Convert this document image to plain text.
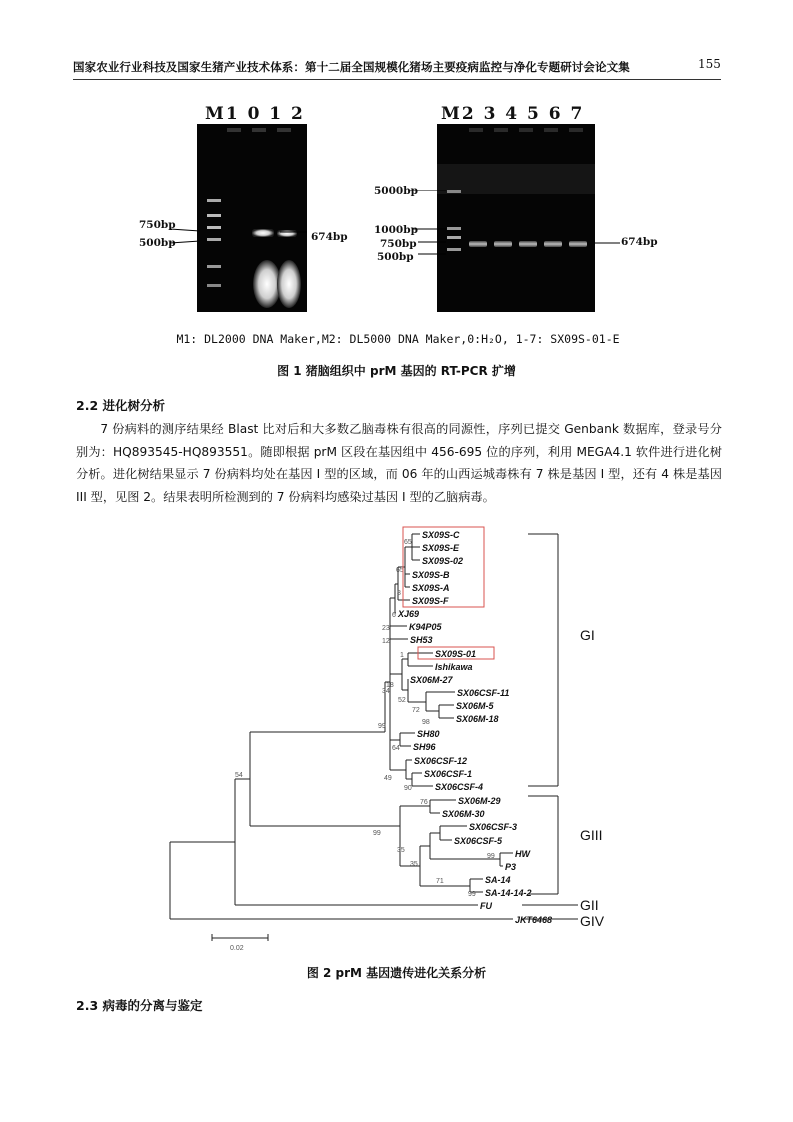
国家农业行业科技及国家生猪产业技术体系：第十二届全国规模化猪场主要疫病监控与净化专题研讨会论文集	155
M1 0 1 2
750bp
500bp	674bp
M2 3 4 5 6 7
5000bp
1000bp
750bp
500bp
674bp
M1: DL2000 DNA Maker,M2: DL5000 DNA Maker,0:H₂O, 1-7: SX09S-01-E
图 1 猪脑组织中 prM 基因的 RT-PCR 扩增
2.2 进化树分析

7 份病料的测序结果经 Blast 比对后和大多数乙脑毒株有很高的同源性，序列已提交 Genbank 数据库，登录号分别为：HQ893545-HQ893551。随即根据 prM 区段在基因组中 456-695 位的序列，利用 MEGA4.1 软件进行进化树分析。进化树结果显示 7 份病料均处在基因 I 型的区域，而 06 年的山西运城毒株有 7 株是基因 I 型，还有 4 株是基因 III 型，见图 2。结果表明所检测到的 7 份病料均感染过基因 I 型的乙脑病毒。

SX09S-C
SX09S-E
SX09S-02
SX09S-B
SX09S-A
SX09S-F
XJ69
K94P05
SH53
SX09S-01
Ishikawa
SX06M-27
SX06CSF-11
SX06M-5
SX06M-18
SH80
SH96
SX06CSF-12
SX06CSF-1
SX06CSF-4
SX06M-29
SX06M-30
SX06CSF-3
SX06CSF-5
HW
P3
SA-14
SA-14-14-2
FU
JKT6468
65
65
8
6
23
12
1
18
34
52
72
98
99
64
49
90
54
76
99
35
99
35
71
99
GI
GIII
GII
GIV
0.02
图 2 prM 基因遗传进化关系分析
2.3 病毒的分离与鉴定
